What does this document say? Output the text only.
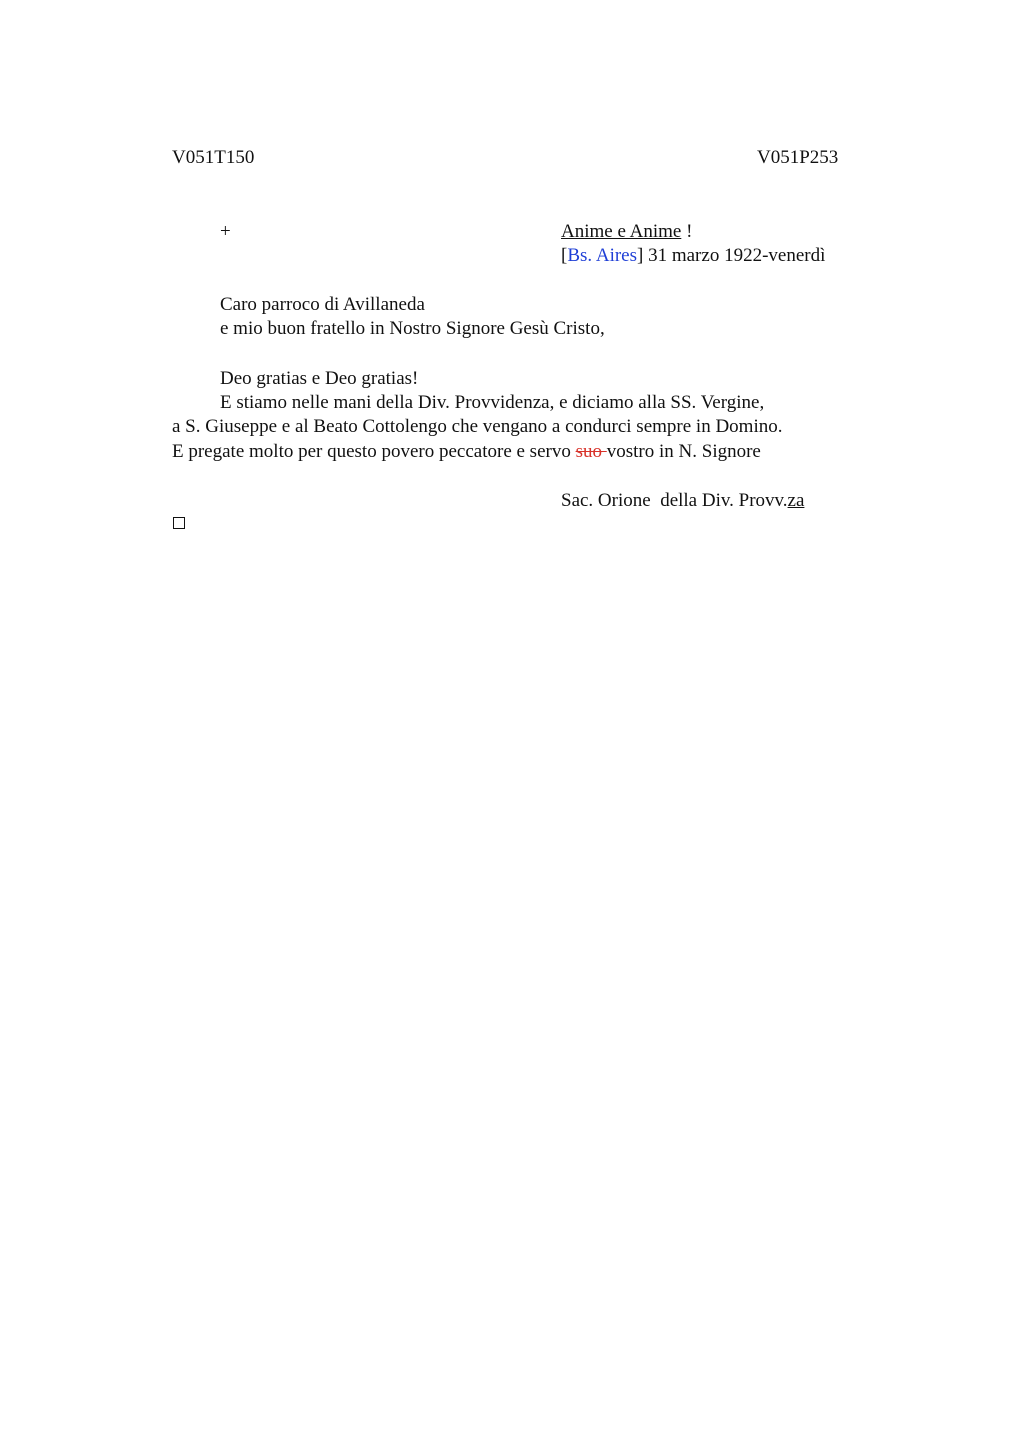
V051T150	V051P253
+	Anime e Anime !
[Bs. Aires] 31 marzo 1922-venerdì
Caro parroco di Avillaneda
e mio buon fratello in Nostro Signore Gesù Cristo,
Deo gratias e Deo gratias!
E stiamo nelle mani della Div. Provvidenza, e diciamo alla SS. Vergine,
a S. Giuseppe e al Beato Cottolengo che vengano a condurci sempre in Domino.
E pregate molto per questo povero peccatore e servo suo vostro in N. Signore
Sac. Orione  della Div. Provv.za
